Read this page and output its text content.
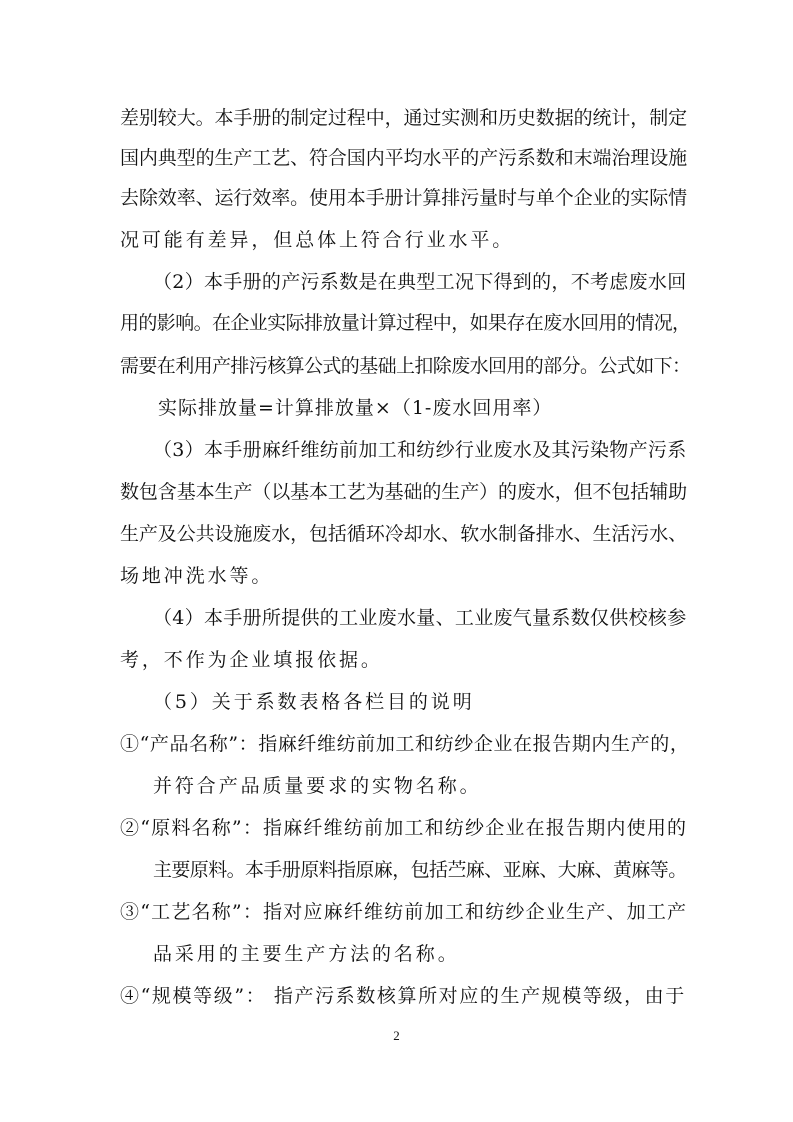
差别较大。本手册的制定过程中，通过实测和历史数据的统计，制定
国内典型的生产工艺、符合国内平均水平的产污系数和末端治理设施
去除效率、运行效率。使用本手册计算排污量时与单个企业的实际情
况可能有差异，但总体上符合行业水平。
（2）本手册的产污系数是在典型工况下得到的，不考虑废水回
用的影响。在企业实际排放量计算过程中，如果存在废水回用的情况，
需要在利用产排污核算公式的基础上扣除废水回用的部分。公式如下：
实际排放量=计算排放量×（1-废水回用率）
（3）本手册麻纤维纺前加工和纺纱行业废水及其污染物产污系
数包含基本生产（以基本工艺为基础的生产）的废水，但不包括辅助
生产及公共设施废水，包括循环冷却水、软水制备排水、生活污水、
场地冲洗水等。
（4）本手册所提供的工业废水量、工业废气量系数仅供校核参
考，不作为企业填报依据。
（5）关于系数表格各栏目的说明
①“产品名称”：指麻纤维纺前加工和纺纱企业在报告期内生产的，
并符合产品质量要求的实物名称。
②“原料名称”：指麻纤维纺前加工和纺纱企业在报告期内使用的
主要原料。本手册原料指原麻，包括苎麻、亚麻、大麻、黄麻等。
③“工艺名称”：指对应麻纤维纺前加工和纺纱企业生产、加工产
品采用的主要生产方法的名称。
④“规模等级”： 指产污系数核算所对应的生产规模等级，由于
2
